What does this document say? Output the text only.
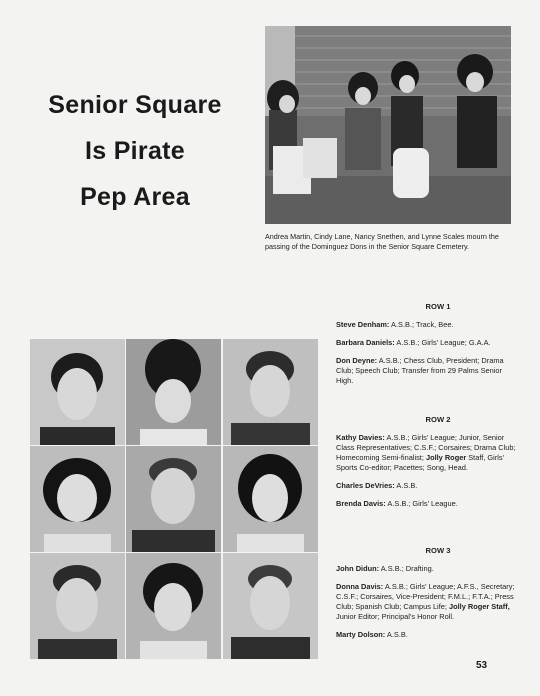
Senior Square
Is Pirate
Pep Area
Andrea Martin, Cindy Lane, Nancy Snethen, and Lynne Scales mourn the passing of the Dominguez Dons in the Senior Square Cemetery.
ROW 1
Steve Denham: A.S.B.; Track, Bee.
Barbara Daniels: A.S.B.; Girls' League; G.A.A.
Don Deyne: A.S.B.; Chess Club, President; Drama Club; Speech Club; Transfer from 29 Palms Senior High.
ROW 2
Kathy Davies: A.S.B.; Girls' League; Junior, Senior Class Representatives; C.S.F.; Corsaires; Drama Club; Homecoming Semi-finalist; Jolly Roger Staff, Girls' Sports Co-editor; Pacettes; Song, Head.
Charles DeVries: A.S.B.
Brenda Davis: A.S.B.; Girls' League.
ROW 3
John Didun: A.S.B.; Drafting.
Donna Davis: A.S.B.; Girls' League; A.F.S., Secretary; C.S.F.; Corsaires, Vice-President; F.M.L.; F.T.A.; Press Club; Spanish Club; Campus Life; Jolly Roger Staff, Junior Editor; Principal's Honor Roll.
Marty Dolson: A.S.B.
53
